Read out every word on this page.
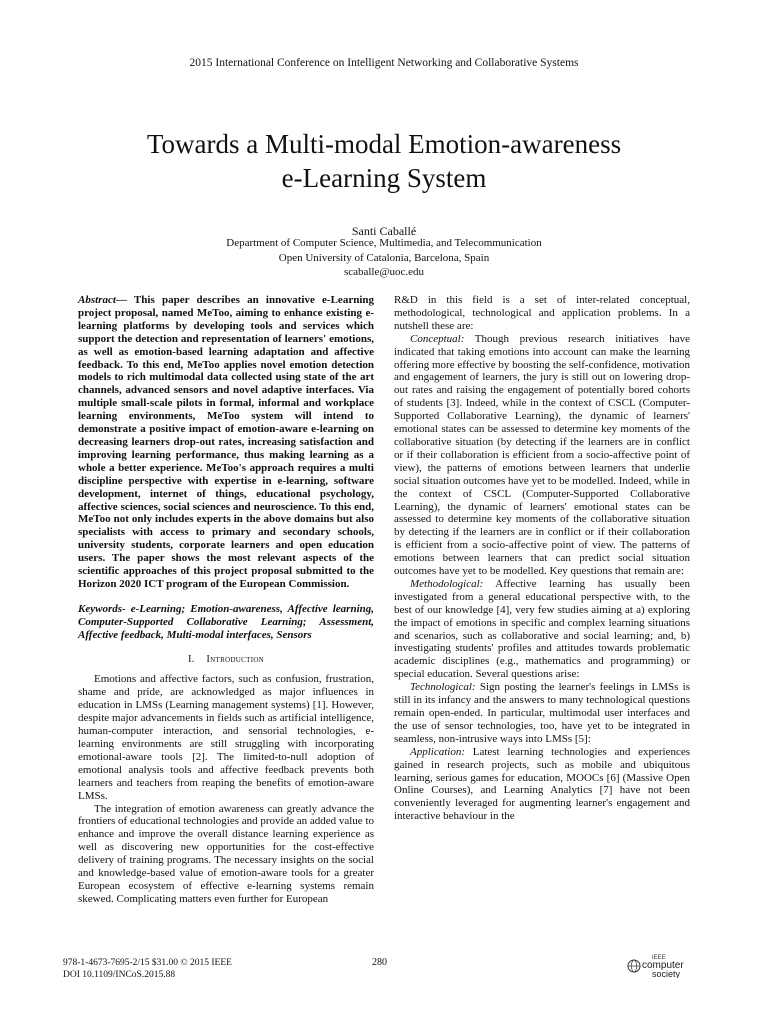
2015 International Conference on Intelligent Networking and Collaborative Systems
Towards a Multi-modal Emotion-awareness
e-Learning System
Santi Caballé
Department of Computer Science, Multimedia, and Telecommunication
Open University of Catalonia, Barcelona, Spain
scaballe@uoc.edu

Abstract— This paper describes an innovative e-Learning project proposal, named MeToo, aiming to enhance existing e-learning platforms by developing tools and services which support the detection and representation of learners' emotions, as well as emotion-based learning adaptation and affective feedback. To this end, MeToo applies novel emotion detection models to rich multimodal data collected using state of the art channels, advanced sensors and novel adaptive interfaces. Via multiple small-scale pilots in formal, informal and workplace learning environments, MeToo system will intend to demonstrate a positive impact of emotion-aware e-learning on decreasing learners drop-out rates, increasing satisfaction and improving learning performance, thus making learning as a whole a better experience. MeToo's approach requires a multi discipline perspective with expertise in e-learning, software development, internet of things, educational psychology, affective sciences, social sciences and neuroscience. To this end, MeToo not only includes experts in the above domains but also specialists with access to primary and secondary schools, university students, corporate learners and open education users. The paper shows the most relevant aspects of the scientific approaches of this project proposal submitted to the Horizon 2020 ICT program of the European Commission.

Keywords- e-Learning; Emotion-awareness, Affective learning, Computer-Supported Collaborative Learning; Assessment, Affective feedback, Multi-modal interfaces, Sensors

I. Introduction

Emotions and affective factors, such as confusion, frustration, shame and pride, are acknowledged as major influences in education in LMSs (Learning management systems) [1]. However, despite major advancements in fields such as artificial intelligence, human-computer interaction, and sensorial technologies, e-learning environments are still struggling with incorporating emotional-aware tools [2]. The limited-to-null adoption of emotional analysis tools and affective feedback prevents both learners and teachers from reaping the benefits of emotion-aware LMSs.

The integration of emotion awareness can greatly advance the frontiers of educational technologies and provide an added value to enhance and improve the overall distance learning experience as well as discovering new opportunities for the cost-effective delivery of training programs. The necessary insights on the social and knowledge-based value of emotion-aware tools for a greater European ecosystem of effective e-learning systems remain skewed. Complicating matters even further for European

R&D in this field is a set of inter-related conceptual, methodological, technological and application problems. In a nutshell these are:

Conceptual: Though previous research initiatives have indicated that taking emotions into account can make the learning offering more effective by boosting the self-confidence, motivation and engagement of learners, the jury is still out on lowering drop-out rates and raising the engagement of potentially bored cohorts of students [3]. Indeed, while in the context of CSCL (Computer-Supported Collaborative Learning), the dynamic of learners' emotional states can be assessed to determine key moments of the collaborative situation (by detecting if the learners are in conflict or if their collaboration is efficient from a socio-affective point of view), the patterns of emotions between learners that underlie social situation outcomes have yet to be modelled. Indeed, while in the context of CSCL (Computer-Supported Collaborative Learning), the dynamic of learners' emotional states can be assessed to determine key moments of the collaborative situation by detecting if the learners are in conflict or if their collaboration is efficient from a socio-affective point of view. The patterns of emotions between learners that can predict social situation outcomes have yet to be modelled. Key questions that remain are:

Methodological: Affective learning has usually been investigated from a general educational perspective with, to the best of our knowledge [4], very few studies aiming at a) exploring the impact of emotions in specific and complex learning situations and scenarios, such as collaborative and social learning; and, b) investigating students' profiles and attitudes towards problematic academic disciplines (e.g., mathematics and programming) or special education. Several questions arise:

Technological: Sign posting the learner's feelings in LMSs is still in its infancy and the answers to many technological questions remain open-ended. In particular, multimodal user interfaces and the use of sensor technologies, too, have yet to be integrated in seamless, non-intrusive ways into LMSs [5]:

Application: Latest learning technologies and experiences gained in research projects, such as mobile and ubiquitous learning, serious games for education, MOOCs [6] (Massive Open Online Courses), and Learning Analytics [7] have not been conveniently leveraged for augmenting learner's engagement and interactive behaviour in the

978-1-4673-7695-2/15 $31.00 © 2015 IEEE
DOI 10.1109/INCoS.2015.88
280	IEEE
computer
society
